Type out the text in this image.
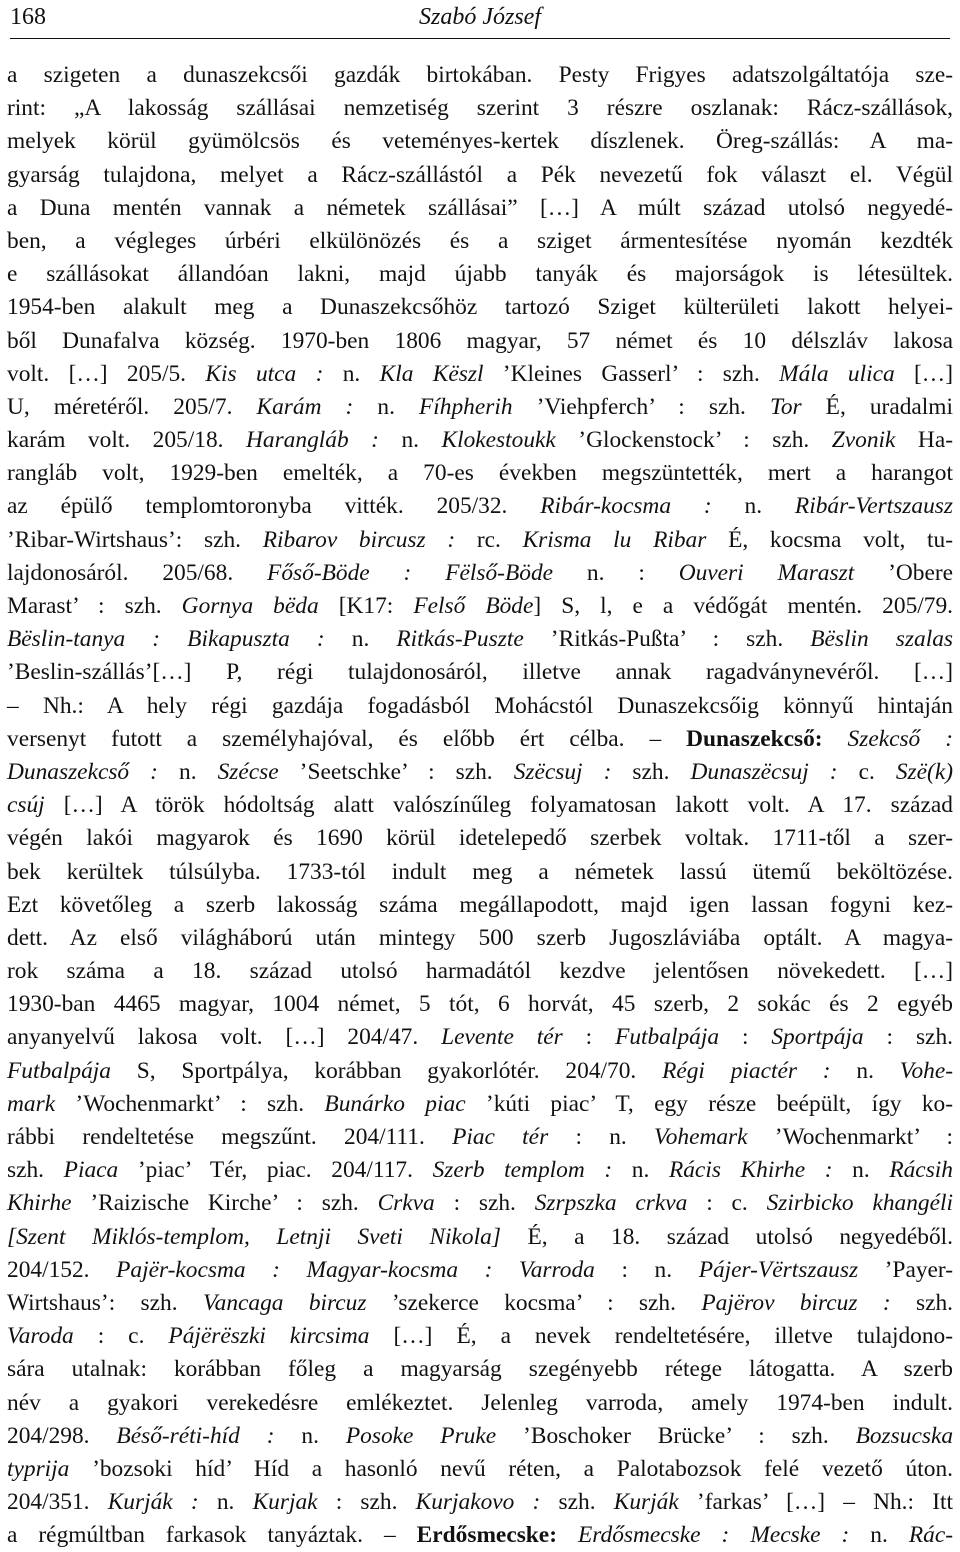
168	Szabó József
a szigeten a dunaszekcsői gazdák birtokában. Pesty Frigyes adatszolgáltatója sze-
rint: „A lakosság szállásai nemzetiség szerint 3 részre oszlanak: Rácz-szállások,
melyek körül gyümölcsös és veteményes-kertek díszlenek. Öreg-szállás: A ma-
gyarság tulajdona, melyet a Rácz-szállástól a Pék nevezetű fok választ el. Végül
a Duna mentén vannak a németek szállásai” […] A múlt század utolsó negyedé-
ben, a végleges úrbéri elkülönözés és a sziget ármentesítése nyomán kezdték
e szállásokat állandóan lakni, majd újabb tanyák és majorságok is létesültek.
1954-ben alakult meg a Dunaszekcsőhöz tartozó Sziget külterületi lakott helyei-
ből Dunafalva község. 1970-ben 1806 magyar, 57 német és 10 délszláv lakosa
volt. […] 205/5. Kis utca : n. Kla Këszl ’Kleines Gasserl’ : szh. Mála ulica […]
U, méretéről. 205/7. Karám : n. Fíhpherih ’Viehpferch’ : szh. Tor É, uradalmi
karám volt. 205/18. Harangláb : n. Klokestoukk ’Glockenstock’ : szh. Zvonik Ha-
rangláb volt, 1929-ben emelték, a 70-es években megszüntették, mert a harangot
az épülő templomtoronyba vitték. 205/32. Ribár-kocsma : n. Ribár-Vertszausz
’Ribar-Wirtshaus’: szh. Ribarov bircusz : rc. Krisma lu Ribar É, kocsma volt, tu-
lajdonosáról. 205/68. Főső-Böde : Fëlső-Böde n. : Ouveri Maraszt ’Obere
Marast’ : szh. Gornya bëda [K17: Felső Böde] S, l, e a védőgát mentén. 205/79.
Bëslin-tanya : Bikapuszta : n. Ritkás-Puszte ’Ritkás-Pußta’ : szh. Bëslin szalas
’Beslin-szállás’[…] P, régi tulajdonosáról, illetve annak ragadványnevéről. […]
– Nh.: A hely régi gazdája fogadásból Mohácstól Dunaszekcsőig könnyű hintaján
versenyt futott a személyhajóval, és előbb ért célba. – Dunaszekcső: Szekcső :
Dunaszekcső : n. Szécse ’Seetschke’ : szh. Szëcsuj : szh. Dunaszëcsuj : c. Szë(k)
csúj […] A török hódoltság alatt valószínűleg folyamatosan lakott volt. A 17. század
végén lakói magyarok és 1690 körül idetelepedő szerbek voltak. 1711-től a szer-
bek kerültek túlsúlyba. 1733-tól indult meg a németek lassú ütemű beköltözése.
Ezt követőleg a szerb lakosság száma megállapodott, majd igen lassan fogyni kez-
dett. Az első világháború után mintegy 500 szerb Jugoszláviába optált. A magya-
rok száma a 18. század utolsó harmadától kezdve jelentősen növekedett. […]
1930-ban 4465 magyar, 1004 német, 5 tót, 6 horvát, 45 szerb, 2 sokác és 2 egyéb
anyanyelvű lakosa volt. […] 204/47. Levente tér : Futbalpája : Sportpája : szh.
Futbalpája S, Sportpálya, korábban gyakorlótér. 204/70. Régi piactér : n. Vohe-
mark ’Wochenmarkt’ : szh. Bunárko piac ’kúti piac’ T, egy része beépült, így ko-
rábbi rendeltetése megszűnt. 204/111. Piac tér : n. Vohemark ’Wochenmarkt’ :
szh. Piaca ’piac’ Tér, piac. 204/117. Szerb templom : n. Rácis Khirhe : n. Rácsih
Khirhe ’Raizische Kirche’ : szh. Crkva : szh. Szrpszka crkva : c. Szirbicko khangéli
[Szent Miklós-templom, Letnji Sveti Nikola] É, a 18. század utolsó negyedéből.
204/152. Pajër-kocsma : Magyar-kocsma : Varroda : n. Pájer-Vërtszausz ’Payer-
Wirtshaus’: szh. Vancaga bircuz ’szekerce kocsma’ : szh. Pajërov bircuz : szh.
Varoda : c. Pájërëszki kircsima […] É, a nevek rendeltetésére, illetve tulajdono-
sára utalnak: korábban főleg a magyarság szegényebb rétege látogatta. A szerb
név a gyakori verekedésre emlékeztet. Jelenleg varroda, amely 1974-ben indult.
204/298. Béső-réti-híd : n. Posoke Pruke ’Boschoker Brücke’ : szh. Bozsucska
typrija ’bozsoki híd’ Híd a hasonló nevű réten, a Palotabozsok felé vezető úton.
204/351. Kurják : n. Kurjak : szh. Kurjakovo : szh. Kurják ’farkas’ […] – Nh.: Itt
a régmúltban farkasok tanyáztak. – Erdősmecske: Erdősmecske : Mecske : n. Rác-
